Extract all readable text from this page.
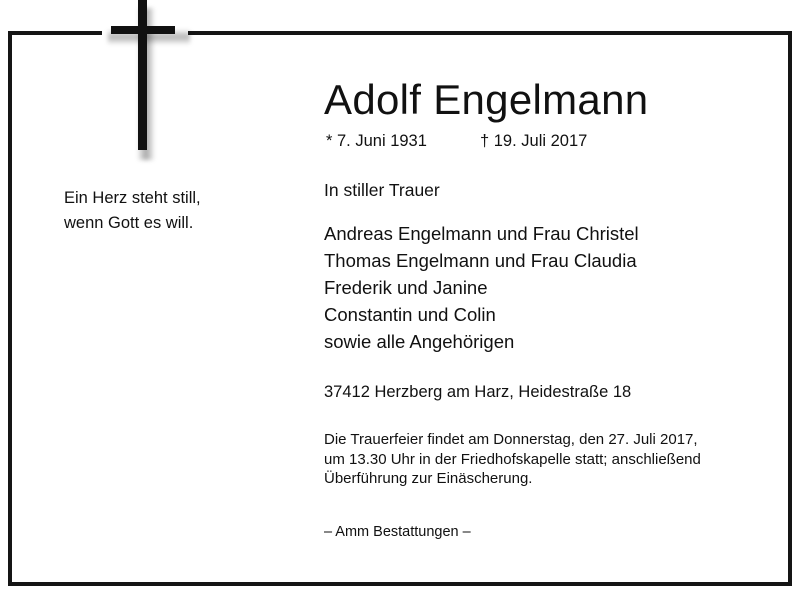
Ein Herz steht still,
wenn Gott es will.
Adolf Engelmann
* 7. Juni 1931	† 19. Juli 2017
In stiller Trauer
Andreas Engelmann und Frau Christel
Thomas Engelmann und Frau Claudia
Frederik und Janine
Constantin und Colin
sowie alle Angehörigen
37412 Herzberg am Harz, Heidestraße 18
Die Trauerfeier findet am Donnerstag, den 27. Juli 2017,
um 13.30 Uhr in der Friedhofskapelle statt; anschließend
Überführung zur Einäscherung.
– Amm Bestattungen –
